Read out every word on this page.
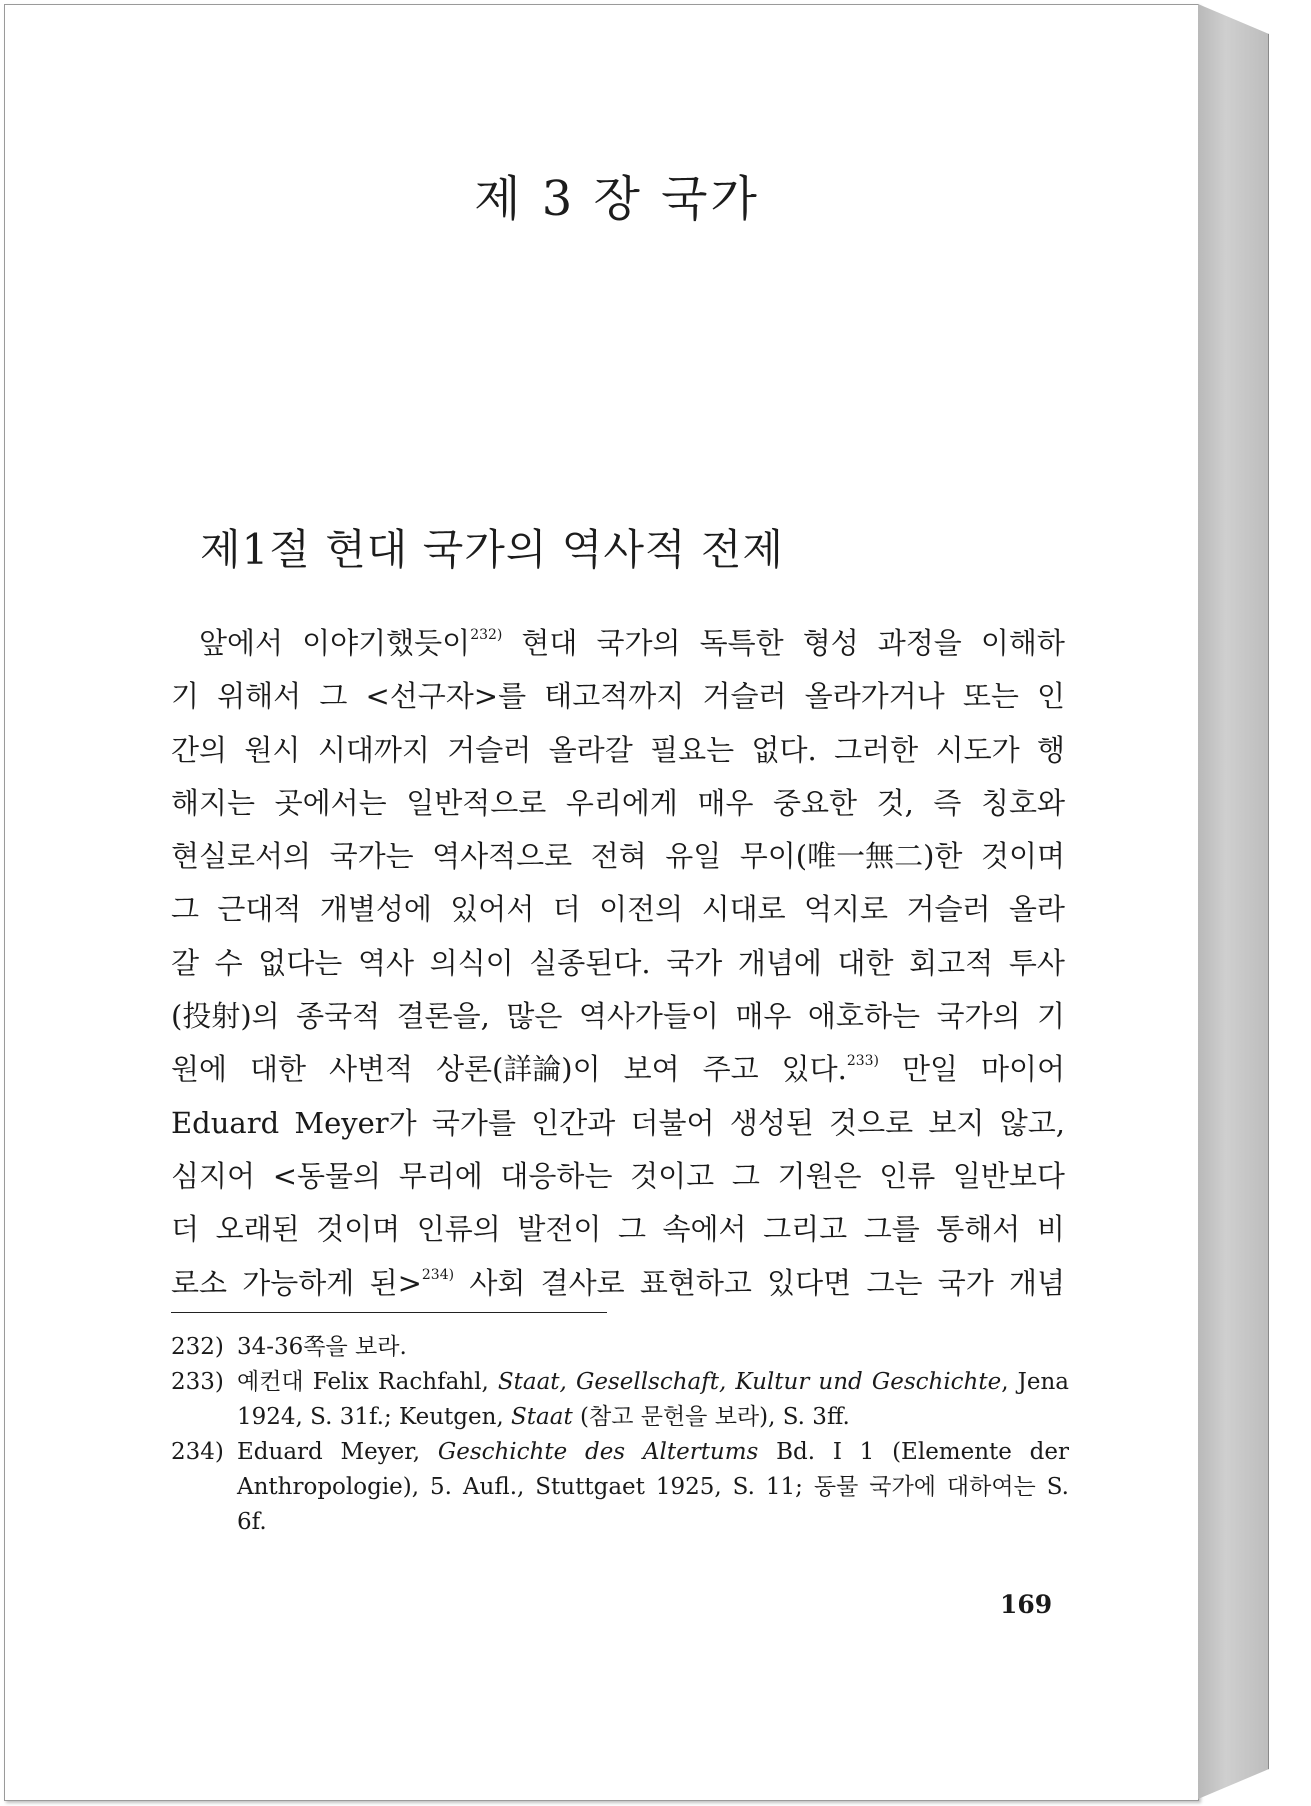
제 3 장 국가
제1절 현대 국가의 역사적 전제
앞에서 이야기했듯이$^{232)}$ 현대 국가의 독특한 형성 과정을 이해하
기 위해서 그 <선구자>를 태고적까지 거슬러 올라가거나 또는 인
간의 원시 시대까지 거슬러 올라갈 필요는 없다. 그러한 시도가 행
해지는 곳에서는 일반적으로 우리에게 매우 중요한 것, 즉 칭호와
현실로서의 국가는 역사적으로 전혀 유일 무이(唯一無二)한 것이며
그 근대적 개별성에 있어서 더 이전의 시대로 억지로 거슬러 올라
갈 수 없다는 역사 의식이 실종된다. 국가 개념에 대한 회고적 투사
(投射)의 종국적 결론을, 많은 역사가들이 매우 애호하는 국가의 기
원에 대한 사변적 상론(詳論)이 보여 주고 있다.$^{233)}$ 만일 마이어
Eduard Meyer가 국가를 인간과 더불어 생성된 것으로 보지 않고,
심지어 <동물의 무리에 대응하는 것이고 그 기원은 인류 일반보다
더 오래된 것이며 인류의 발전이 그 속에서 그리고 그를 통해서 비
로소 가능하게 된>$^{234)}$ 사회 결사로 표현하고 있다면 그는 국가 개념
232) 34-36쪽을 보라.
233) 예컨대 Felix Rachfahl, Staat, Gesellschaft, Kultur und Geschichte, Jena 1924, S. 31f.; Keutgen, Staat (참고 문헌을 보라), S. 3ff.
234) Eduard Meyer, Geschichte des Altertums Bd. I 1 (Elemente der Anthropologie), 5. Aufl., Stuttgaet 1925, S. 11; 동물 국가에 대하여는 S. 6f.
169
